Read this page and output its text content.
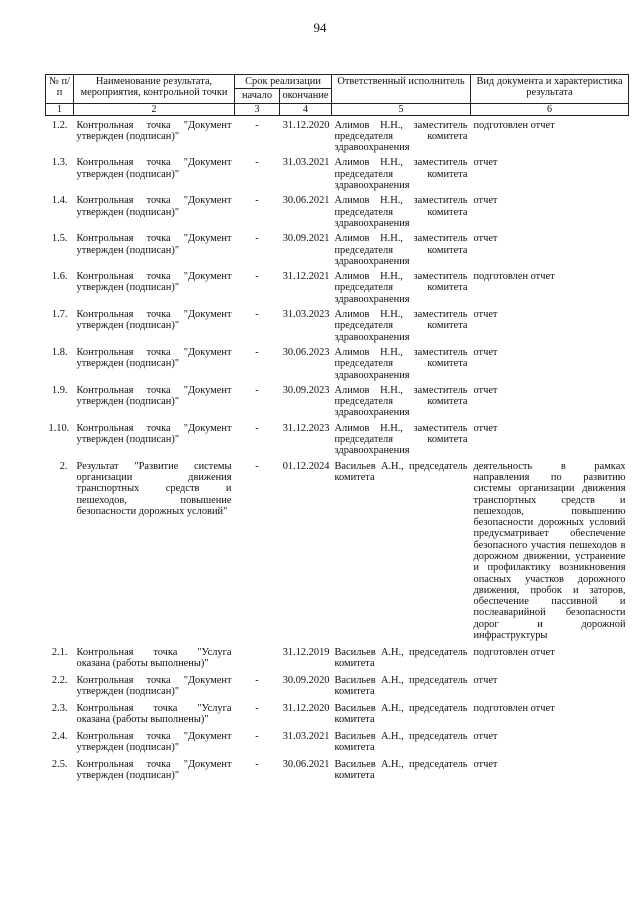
94
№ п/п	Наименование результата, мероприятия, контрольной точки	Срок реализации		Ответственный исполнитель	Вид документа и характеристика результата
		начало	окончание		
1	2	3	4	5	6
1.2.	Контрольная точка "Документ утвержден (подписан)"	-	31.12.2020	Алимов Н.Н., заместитель председателя комитета здравоохранения	подготовлен отчет
1.3.	Контрольная точка "Документ утвержден (подписан)"	-	31.03.2021	Алимов Н.Н., заместитель председателя комитета здравоохранения	отчет
1.4.	Контрольная точка "Документ утвержден (подписан)"	-	30.06.2021	Алимов Н.Н., заместитель председателя комитета здравоохранения	отчет
1.5.	Контрольная точка "Документ утвержден (подписан)"	-	30.09.2021	Алимов Н.Н., заместитель председателя комитета здравоохранения	отчет
1.6.	Контрольная точка "Документ утвержден (подписан)"	-	31.12.2021	Алимов Н.Н., заместитель председателя комитета здравоохранения	подготовлен отчет
1.7.	Контрольная точка "Документ утвержден (подписан)"	-	31.03.2023	Алимов Н.Н., заместитель председателя комитета здравоохранения	отчет
1.8.	Контрольная точка "Документ утвержден (подписан)"	-	30.06.2023	Алимов Н.Н., заместитель председателя комитета здравоохранения	отчет
1.9.	Контрольная точка "Документ утвержден (подписан)"	-	30.09.2023	Алимов Н.Н., заместитель председателя комитета здравоохранения	отчет
1.10.	Контрольная точка "Документ утвержден (подписан)"	-	31.12.2023	Алимов Н.Н., заместитель председателя комитета здравоохранения	отчет
2.	Результат "Развитие системы организации движения транспортных средств и пешеходов, повышение безопасности дорожных условий"	-	01.12.2024	Васильев А.Н., председатель комитета	деятельность в рамках направления по развитию системы организации движения транспортных средств и пешеходов, повышению безопасности дорожных условий предусматривает обеспечение безопасного участия пешеходов в дорожном движении, устранение и профилактику возникновения опасных участков дорожного движения, пробок и заторов, обеспечение пассивной и послеаварийной безопасности дорог и дорожной инфраструктуры
2.1.	Контрольная точка "Услуга оказана (работы выполнены)"		31.12.2019	Васильев А.Н., председатель комитета	подготовлен отчет
2.2.	Контрольная точка "Документ утвержден (подписан)"	-	30.09.2020	Васильев А.Н., председатель комитета	отчет
2.3.	Контрольная точка "Услуга оказана (работы выполнены)"	-	31.12.2020	Васильев А.Н., председатель комитета	подготовлен отчет
2.4.	Контрольная точка "Документ утвержден (подписан)"	-	31.03.2021	Васильев А.Н., председатель комитета	отчет
2.5.	Контрольная точка "Документ утвержден (подписан)"	-	30.06.2021	Васильев А.Н., председатель комитета	отчет
